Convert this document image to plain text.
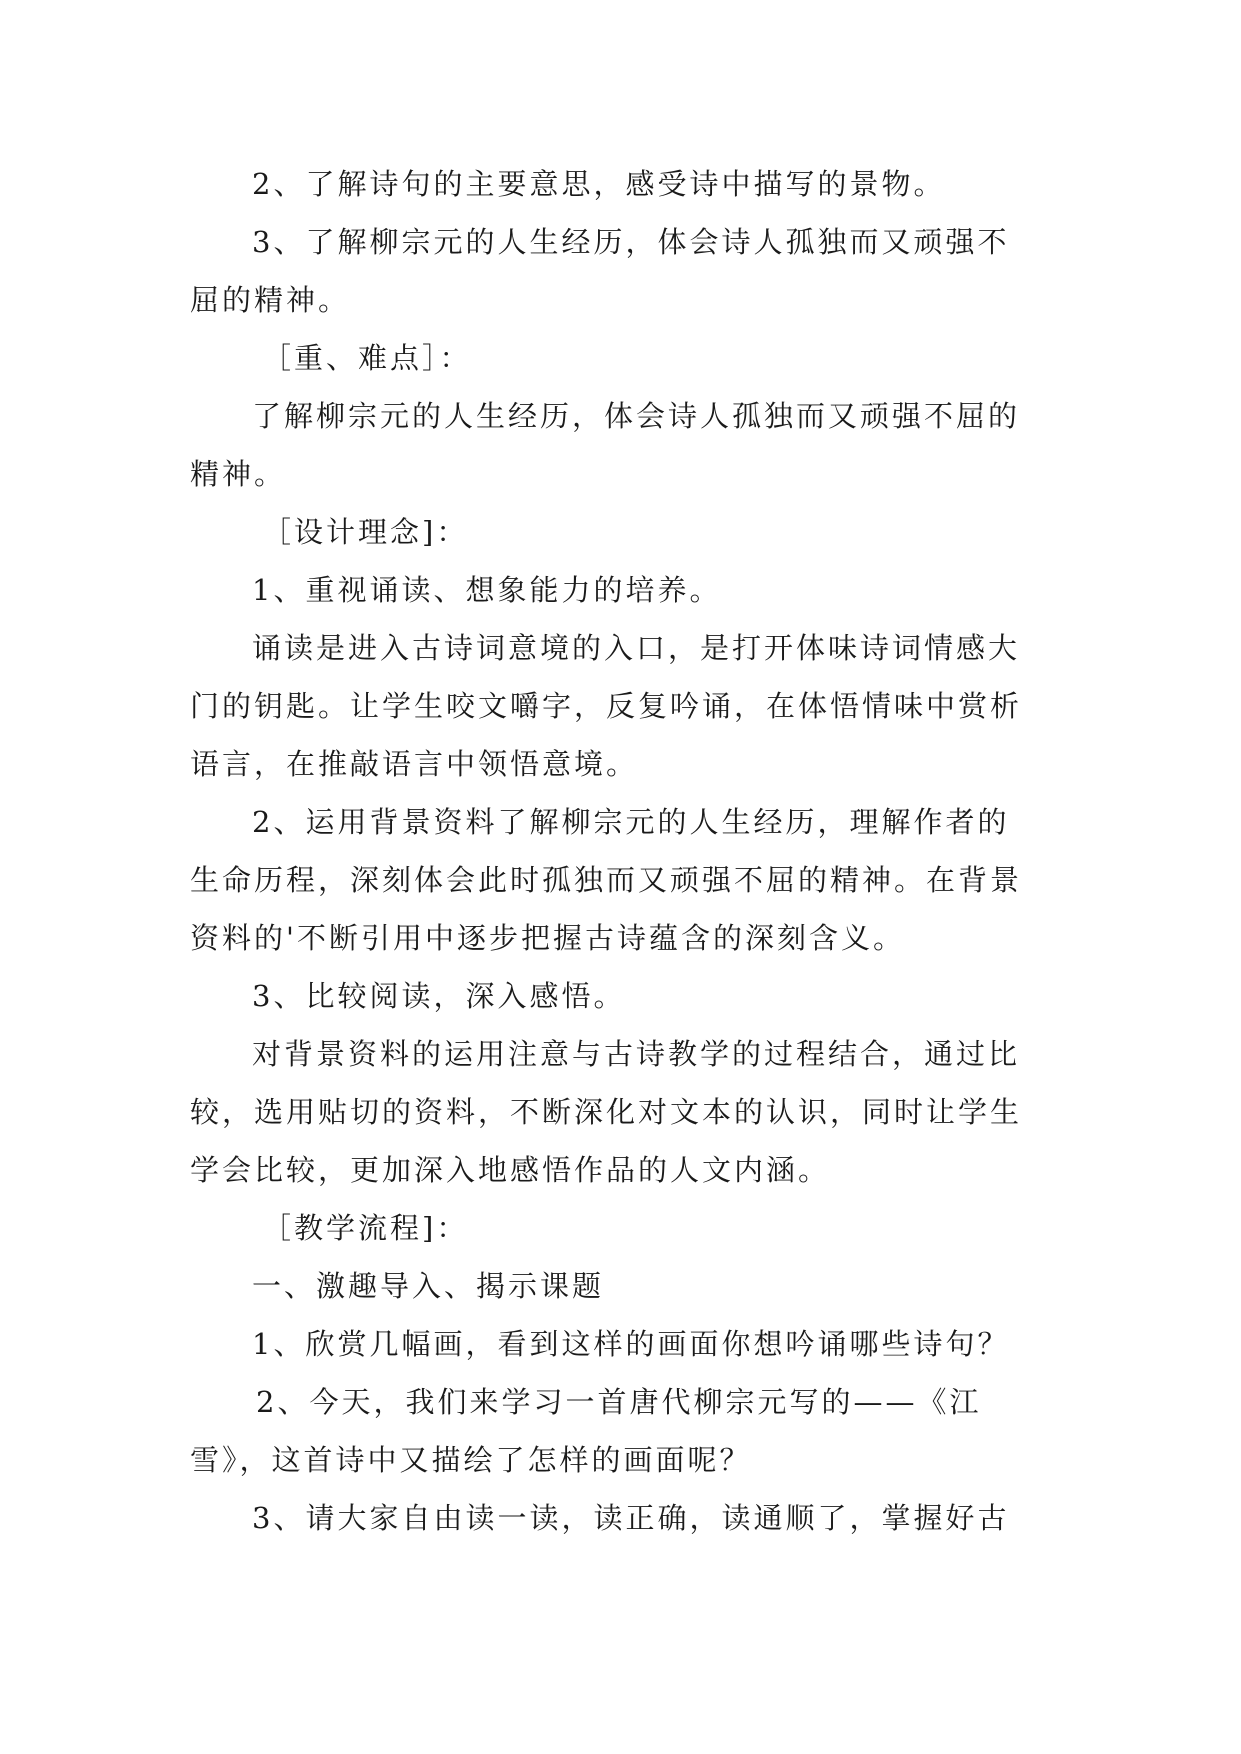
2、了解诗句的主要意思，感受诗中描写的景物。

3、了解柳宗元的人生经历，体会诗人孤独而又顽强不

屈的精神。

［重、难点］：

了解柳宗元的人生经历，体会诗人孤独而又顽强不屈的

精神。

［设计理念]：

1、重视诵读、想象能力的培养。

诵读是进入古诗词意境的入口，是打开体味诗词情感大

门的钥匙。让学生咬文嚼字，反复吟诵，在体悟情味中赏析

语言，在推敲语言中领悟意境。

2、运用背景资料了解柳宗元的人生经历，理解作者的

生命历程，深刻体会此时孤独而又顽强不屈的精神。在背景

资料的'不断引用中逐步把握古诗蕴含的深刻含义。

3、比较阅读，深入感悟。

对背景资料的运用注意与古诗教学的过程结合，通过比

较，选用贴切的资料，不断深化对文本的认识，同时让学生

学会比较，更加深入地感悟作品的人文内涵。

［教学流程]：

一、激趣导入、揭示课题

1、欣赏几幅画，看到这样的画面你想吟诵哪些诗句？

2、今天，我们来学习一首唐代柳宗元写的——《江

雪》，这首诗中又描绘了怎样的画面呢？

3、请大家自由读一读，读正确，读通顺了，掌握好古
